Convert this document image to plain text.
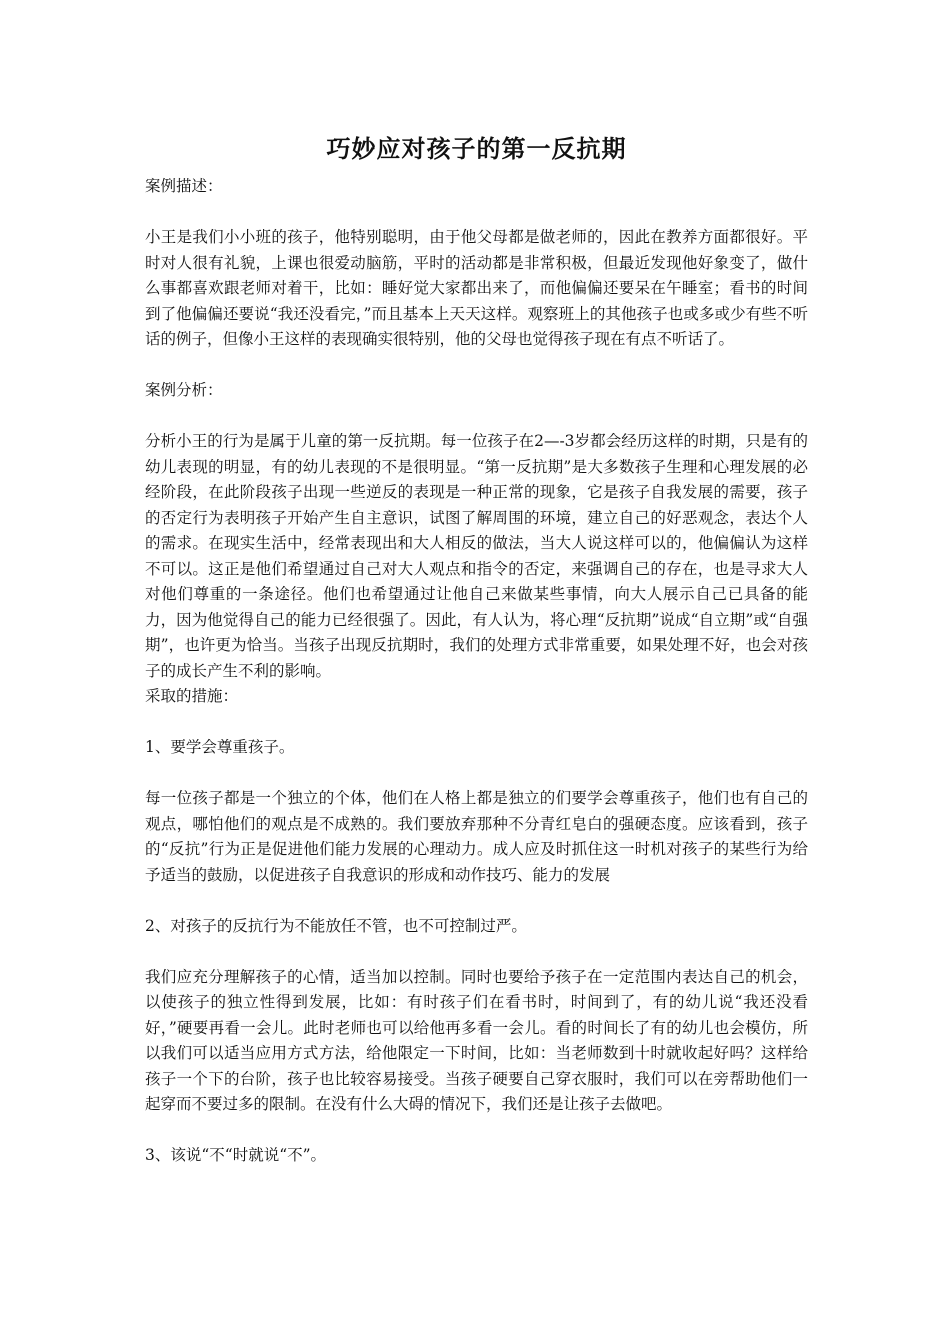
巧妙应对孩子的第一反抗期

案例描述：

小王是我们小小班的孩子，他特别聪明，由于他父母都是做老师的，因此在教养方面都很好。平时对人很有礼貌，上课也很爱动脑筋，平时的活动都是非常积极，但最近发现他好象变了，做什么事都喜欢跟老师对着干，比如：睡好觉大家都出来了，而他偏偏还要呆在午睡室；看书的时间到了他偏偏还要说“我还没看完，”而且基本上天天这样。观察班上的其他孩子也或多或少有些不听话的例子，但像小王这样的表现确实很特别，他的父母也觉得孩子现在有点不听话了。

案例分析：

分析小王的行为是属于儿童的第一反抗期。每一位孩子在2—-3岁都会经历这样的时期，只是有的幼儿表现的明显，有的幼儿表现的不是很明显。“第一反抗期”是大多数孩子生理和心理发展的必经阶段，在此阶段孩子出现一些逆反的表现是一种正常的现象，它是孩子自我发展的需要，孩子的否定行为表明孩子开始产生自主意识，试图了解周围的环境，建立自己的好恶观念，表达个人的需求。在现实生活中，经常表现出和大人相反的做法，当大人说这样可以的，他偏偏认为这样不可以。这正是他们希望通过自己对大人观点和指令的否定，来强调自己的存在，也是寻求大人对他们尊重的一条途径。他们也希望通过让他自己来做某些事情，向大人展示自己已具备的能力，因为他觉得自己的能力已经很强了。因此，有人认为，将心理“反抗期”说成“自立期”或“自强期”，也许更为恰当。当孩子出现反抗期时，我们的处理方式非常重要，如果处理不好，也会对孩子的成长产生不利的影响。

采取的措施：

1、要学会尊重孩子。

每一位孩子都是一个独立的个体，他们在人格上都是独立的们要学会尊重孩子，他们也有自己的观点，哪怕他们的观点是不成熟的。我们要放弃那种不分青红皂白的强硬态度。应该看到，孩子的“反抗”行为正是促进他们能力发展的心理动力。成人应及时抓住这一时机对孩子的某些行为给予适当的鼓励，以促进孩子自我意识的形成和动作技巧、能力的发展

2、对孩子的反抗行为不能放任不管，也不可控制过严。

我们应充分理解孩子的心情，适当加以控制。同时也要给予孩子在一定范围内表达自己的机会，以使孩子的独立性得到发展，比如：有时孩子们在看书时，时间到了，有的幼儿说“我还没看好，”硬要再看一会儿。此时老师也可以给他再多看一会儿。看的时间长了有的幼儿也会模仿，所以我们可以适当应用方式方法，给他限定一下时间，比如：当老师数到十时就收起好吗？这样给孩子一个下的台阶，孩子也比较容易接受。当孩子硬要自己穿衣服时，我们可以在旁帮助他们一起穿而不要过多的限制。在没有什么大碍的情况下，我们还是让孩子去做吧。

3、该说“不“时就说“不”。
